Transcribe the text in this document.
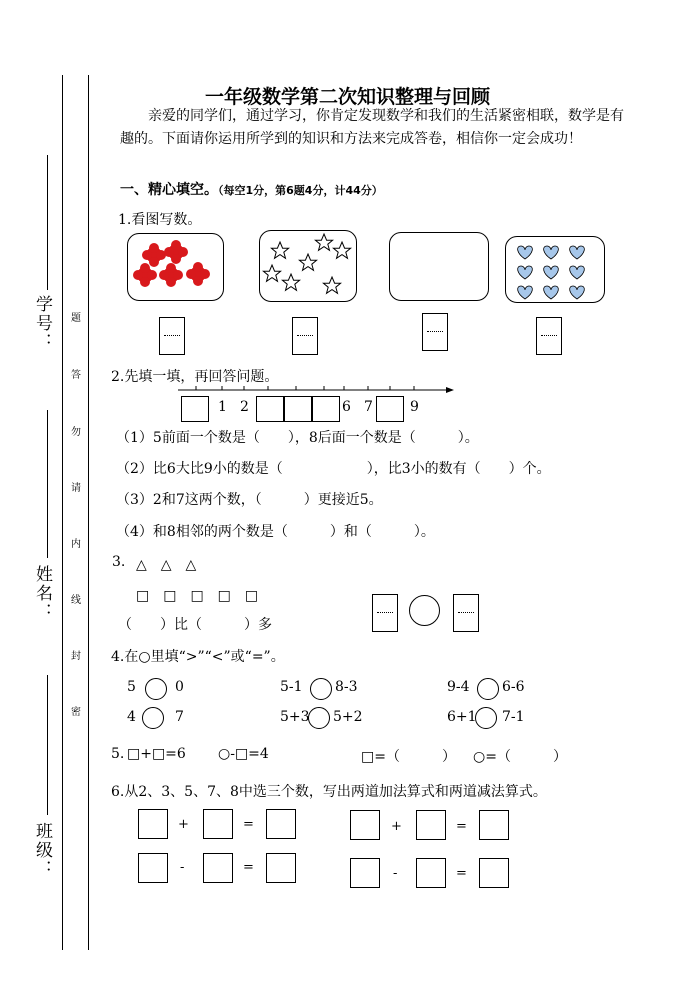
学号：
姓名：
班级：
题
答
勿
请
内
线
封
密
一年级数学第二次知识整理与回顾
亲爱的同学们，通过学习，你肯定发现数学和我们的生活紧密相联，数学是有趣的。下面请你运用所学到的知识和方法来完成答卷，相信你一定会成功！
一、精心填空。（每空1分，第6题4分，计44分）
1.看图写数。
2.先填一填，再回答问题。
1 2	6 7	9
（1）5前面一个数是（　　），8后面一个数是（　　　）。
（2）比6大比9小的数是（　　　　　　），比3小的数有（　　）个。
（3）2和7这两个数，（　　　）更接近5。
（4）和8相邻的两个数是（　　　）和（　　　）。
3. △　△　△
□　□　□　□　□
（　　）比（　　　）多
4.在○里填“>”“<”或“=”。
5	0	5-1 8-3	9-4 6-6
4	7	5+3 5+2	6+1 7-1
5. □+□=6 ○-□=4	□=（　　　） ○=（　　　）
6.从2、3、5、7、8中选三个数，写出两道加法算式和两道减法算式。
+	=	+	=
-	=	-	=
